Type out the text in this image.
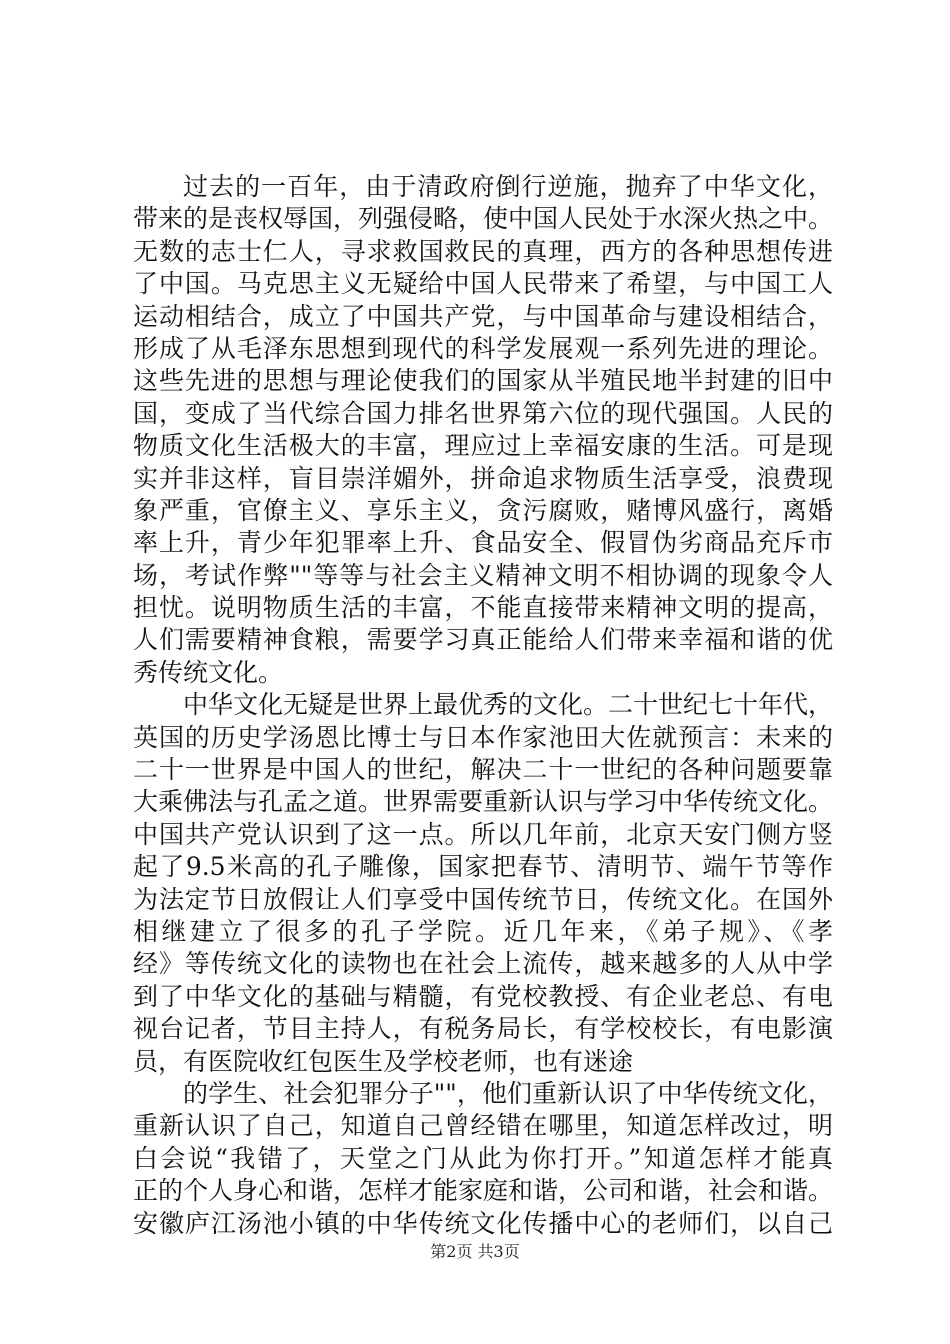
过去的一百年，由于清政府倒行逆施，抛弃了中华文化，
带来的是丧权辱国，列强侵略，使中国人民处于水深火热之中。
无数的志士仁人，寻求救国救民的真理，西方的各种思想传进
了中国。马克思主义无疑给中国人民带来了希望，与中国工人
运动相结合，成立了中国共产党，与中国革命与建设相结合，
形成了从毛泽东思想到现代的科学发展观一系列先进的理论。
这些先进的思想与理论使我们的国家从半殖民地半封建的旧中
国，变成了当代综合国力排名世界第六位的现代强国。人民的
物质文化生活极大的丰富，理应过上幸福安康的生活。可是现
实并非这样，盲目崇洋媚外，拼命追求物质生活享受，浪费现
象严重，官僚主义、享乐主义，贪污腐败，赌博风盛行，离婚
率上升，青少年犯罪率上升、食品安全、假冒伪劣商品充斥市
场，考试作弊""等等与社会主义精神文明不相协调的现象令人
担忧。说明物质生活的丰富，不能直接带来精神文明的提高，
人们需要精神食粮，需要学习真正能给人们带来幸福和谐的优
秀传统文化。
中华文化无疑是世界上最优秀的文化。二十世纪七十年代，
英国的历史学汤恩比博士与日本作家池田大佐就预言：未来的
二十一世界是中国人的世纪，解决二十一世纪的各种问题要靠
大乘佛法与孔孟之道。世界需要重新认识与学习中华传统文化。
中国共产党认识到了这一点。所以几年前，北京天安门侧方竖
起了9.5米高的孔子雕像，国家把春节、清明节、端午节等作
为法定节日放假让人们享受中国传统节日，传统文化。在国外
相继建立了很多的孔子学院。近几年来，《弟子规》、《孝
经》等传统文化的读物也在社会上流传，越来越多的人从中学
到了中华文化的基础与精髓，有党校教授、有企业老总、有电
视台记者，节目主持人，有税务局长，有学校校长，有电影演
员，有医院收红包医生及学校老师，也有迷途
的学生、社会犯罪分子""，他们重新认识了中华传统文化，
重新认识了自己，知道自己曾经错在哪里，知道怎样改过，明
白会说“我错了，天堂之门从此为你打开。”知道怎样才能真
正的个人身心和谐，怎样才能家庭和谐，公司和谐，社会和谐。
安徽庐江汤池小镇的中华传统文化传播中心的老师们，以自己
第2页 共3页
